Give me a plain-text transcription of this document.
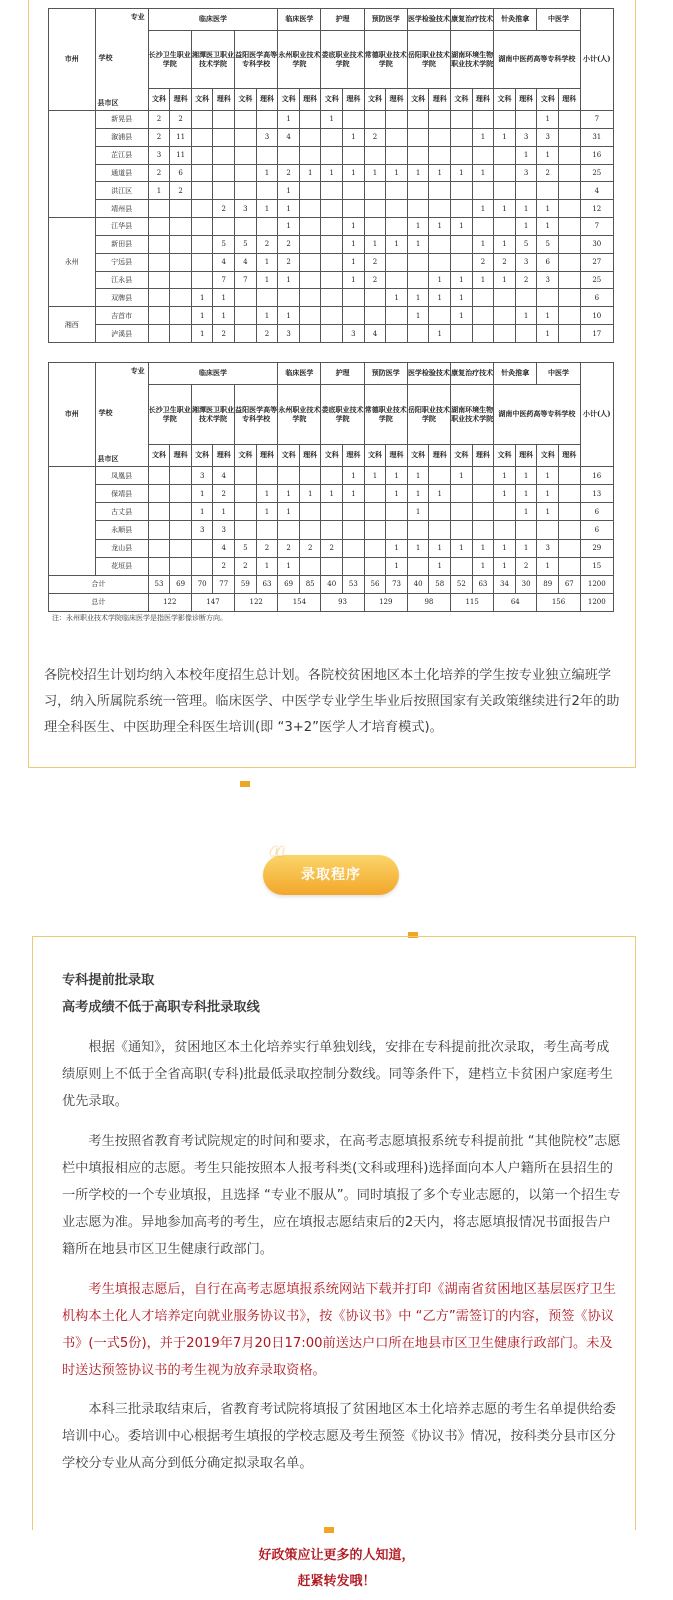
市州	专业
学校
县市区	临床医学						临床医学		护理		预防医学		医学检验技术		康复治疗技术		针灸推拿		中医学		小计(人)
		长沙卫生职业学院		湘潭医卫职业技术学院		益阳医学高等专科学校		永州职业技术学院		娄底职业技术学院		常德职业技术学院		岳阳职业技术学院		湖南环境生物职业技术学院		湖南中医药高等专科学校				

		文科	理科	文科	理科	文科	理科	文科	理科	文科	理科	文科	理科	文科	理科	文科	理科	文科	理科	文科	理科	
	新晃县	2	2					1		1										1		7
	溆浦县	2	11				3	4			1	2					1	1	3	3		31
	芷江县	3	11																1	1		16
	通道县	2	6				1	2	1	1	1	1	1	1	1	1	1		3	2		25
	洪江区	1	2					1														4
	靖州县				2	3	1	1									1	1	1	1		12
永州	江华县							1			1			1	1	1			1	1		7
	新田县				5	5	2	2			1	1	1	1			1	1	5	5		30
	宁远县				4	4	1	2			1	2					2	2	3	6		27
	江永县				7	7	1	1			1	2			1	1	1	1	2	3		25
	双牌县			1	1								1	1	1	1						6
湘西	吉首市			1	1		1	1						1		1			1	1		10
	泸溪县			1	2		2	3			3	4			1					1		17
市州	专业
学校
县市区	临床医学						临床医学		护理		预防医学		医学检验技术		康复治疗技术		针灸推拿		中医学		小计(人)
		长沙卫生职业学院		湘潭医卫职业技术学院		益阳医学高等专科学校		永州职业技术学院		娄底职业技术学院		常德职业技术学院		岳阳职业技术学院		湖南环境生物职业技术学院		湖南中医药高等专科学校				

		文科	理科	文科	理科	文科	理科	文科	理科	文科	理科	文科	理科	文科	理科	文科	理科	文科	理科	文科	理科	
	凤凰县			3	4						1	1	1	1		1		1	1	1		16
	保靖县			1	2		1	1	1	1	1		1	1	1			1	1	1		13
	古丈县			1	1		1	1						1					1	1		6
	永顺县			3	3																	6
	龙山县				4	5	2	2	2	2			1	1	1	1	1	1	1	3		29
	花垣县				2	2	1	1					1		1		1	1	2	1		15
合计		53	69	70	77	59	63	69	85	40	53	56	73	40	58	52	63	34	30	89	67	1200
总计		122		147		122		154		93		129		98		115		64		156		1200
注：永州职业技术学院临床医学是指医学影像诊断方向。
各院校招生计划均纳入本校年度招生总计划。各院校贫困地区本土化培养的学生按专业独立编班学习，纳入所属院系统一管理。临床医学、中医学专业学生毕业后按照国家有关政策继续进行2年的助理全科医生、中医助理全科医生培训(即 “3+2”医学人才培育模式)。
录取程序
“
专科提前批录取
高考成绩不低于高职专科批录取线
根据《通知》，贫困地区本土化培养实行单独划线，安排在专科提前批次录取，考生高考成绩原则上不低于全省高职(专科)批最低录取控制分数线。同等条件下，建档立卡贫困户家庭考生优先录取。
考生按照省教育考试院规定的时间和要求，在高考志愿填报系统专科提前批 “其他院校”志愿栏中填报相应的志愿。考生只能按照本人报考科类(文科或理科)选择面向本人户籍所在县招生的一所学校的一个专业填报，且选择 “专业不服从”。同时填报了多个专业志愿的，以第一个招生专业志愿为准。异地参加高考的考生，应在填报志愿结束后的2天内，将志愿填报情况书面报告户籍所在地县市区卫生健康行政部门。
考生填报志愿后，自行在高考志愿填报系统网站下载并打印《湖南省贫困地区基层医疗卫生机构本土化人才培养定向就业服务协议书》，按《协议书》中 “乙方”需签订的内容，预签《协议书》(一式5份)，并于2019年7月20日17:00前送达户口所在地县市区卫生健康行政部门。未及时送达预签协议书的考生视为放弃录取资格。
本科三批录取结束后，省教育考试院将填报了贫困地区本土化培养志愿的考生名单提供给委培训中心。委培训中心根据考生填报的学校志愿及考生预签《协议书》情况，按科类分县市区分学校分专业从高分到低分确定拟录取名单。
好政策应让更多的人知道，
赶紧转发哦！
